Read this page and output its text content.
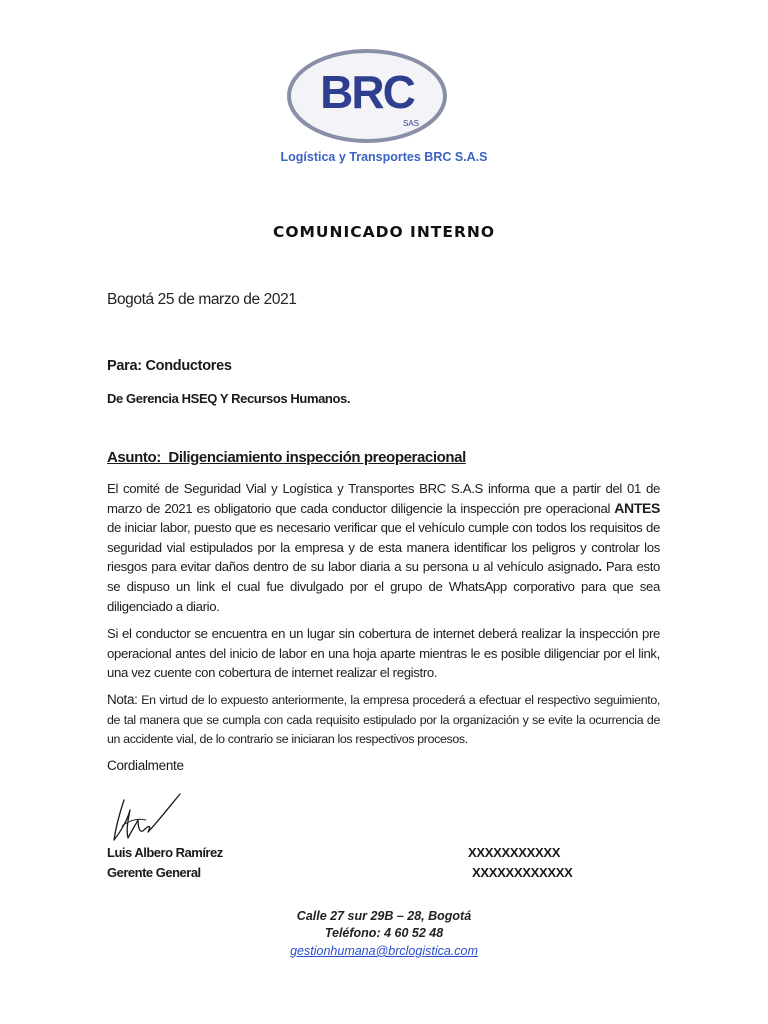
BRC
SAS
Logística y Transportes BRC S.A.S
COMUNICADO INTERNO
Bogotá 25 de marzo de 2021
Para: Conductores
De Gerencia HSEQ Y Recursos Humanos.
Asunto: Diligenciamiento inspección preoperacional
El comité de Seguridad Vial y Logística y Transportes BRC S.A.S informa que a partir del 01 de marzo de 2021 es obligatorio que cada conductor diligencie la inspección pre operacional ANTES de iniciar labor, puesto que es necesario verificar que el vehículo cumple con todos los requisitos de seguridad vial estipulados por la empresa y de esta manera identificar los peligros y controlar los riesgos para evitar daños dentro de su labor diaria a su persona u al vehículo asignado. Para esto se dispuso un link el cual fue divulgado por el grupo de WhatsApp corporativo para que sea diligenciado a diario.
Si el conductor se encuentra en un lugar sin cobertura de internet deberá realizar la inspección pre operacional antes del inicio de labor en una hoja aparte mientras le es posible diligenciar por el link, una vez cuente con cobertura de internet realizar el registro.
Nota: En virtud de lo expuesto anteriormente, la empresa procederá a efectuar el respectivo seguimiento, de tal manera que se cumpla con cada requisito estipulado por la organización y se evite la ocurrencia de un accidente vial, de lo contrario se iniciaran los respectivos procesos.
Cordialmente
Luis Albero Ramírez
Gerente General
XXXXXXXXXXX
XXXXXXXXXXXX
Calle 27 sur 29B – 28, Bogotá
Teléfono: 4 60 52 48
gestionhumana@brclogistica.com
